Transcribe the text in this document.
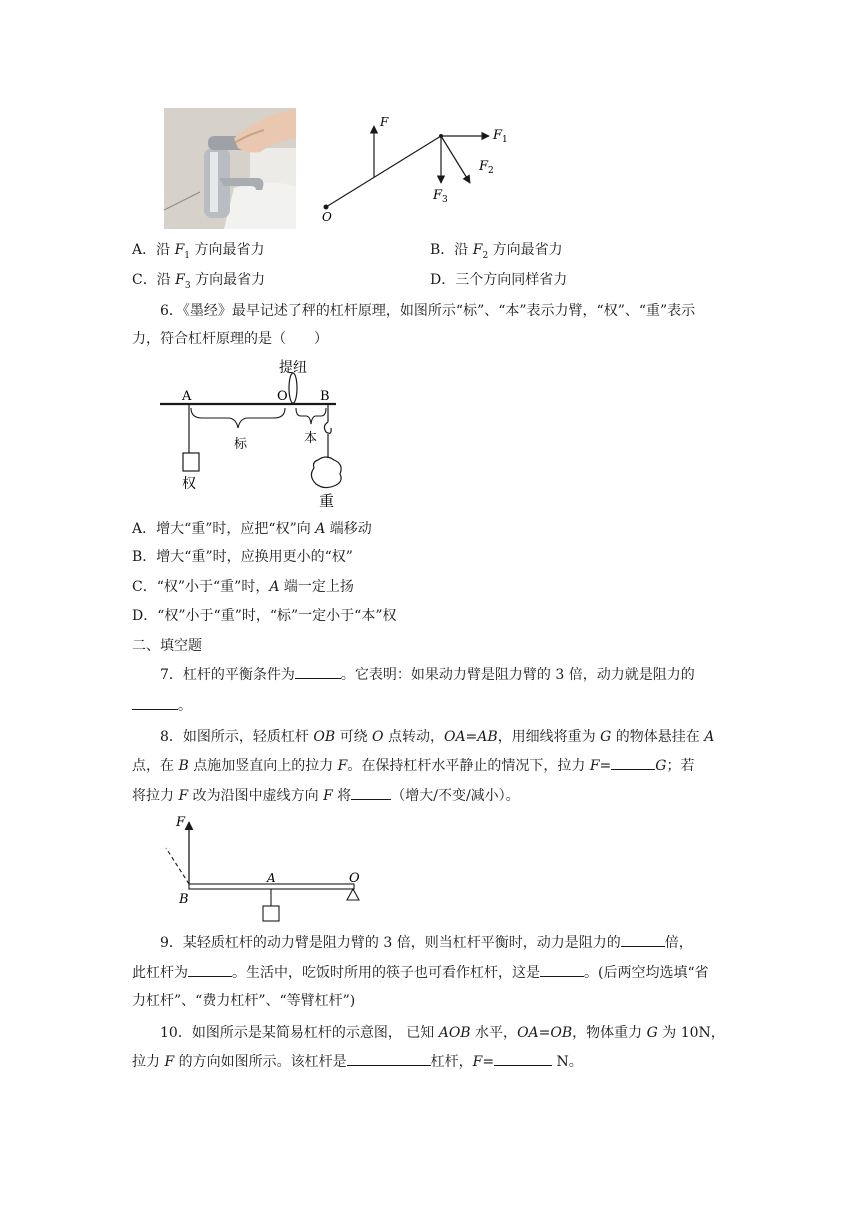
F
$F_1$
$F_2$
$F_3$
O
A．沿 $F_1$ 方向最省力	B．沿 $F_2$ 方向最省力
C．沿 $F_3$ 方向最省力	D．三个方向同样省力
6．《墨经》最早记述了秤的杠杆原理，如图所示“标”、“本”表示力臂，“权”、“重”表示
力，符合杠杆原理的是（　　）
提纽
A	O B
权
标	本
重
A．增大“重”时，应把“权”向 A 端移动
B．增大“重”时，应换用更小的“权”
C．“权”小于“重”时，A 端一定上扬
D．“权”小于“重”时，“标”一定小于“本”权
二、填空题
7．杠杆的平衡条件为	。它表明：如果动力臂是阻力臂的 3 倍，动力就是阻力的
。
8．如图所示，轻质杠杆 OB 可绕 O 点转动，OA=AB，用细线将重为 G 的物体悬挂在 A
点，在 B 点施加竖直向上的拉力 F。在保持杠杆水平静止的情况下，拉力 F=	G；若
将拉力 F 改为沿图中虚线方向 F 将	（增大/不变/减小）。
F
A	O
B
9．某轻质杠杆的动力臂是阻力臂的 3 倍，则当杠杆平衡时，动力是阻力的	倍，
此杠杆为	。生活中，吃饭时所用的筷子也可看作杠杆，这是	。(后两空均选填“省
力杠杆”、“费力杠杆”、“等臂杠杆”)
10．如图所示是某简易杠杆的示意图， 已知 AOB 水平，OA=OB，物体重力 G 为 10N，
拉力 F 的方向如图所示。该杠杆是	杠杆，F=	N。
